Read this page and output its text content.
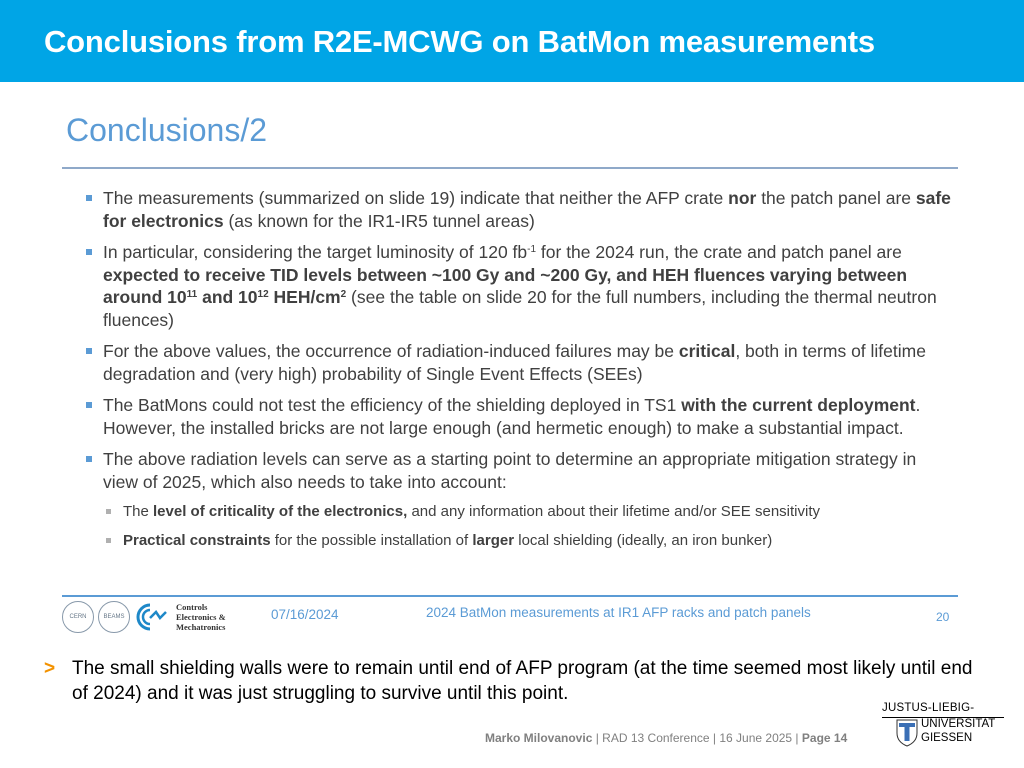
Conclusions from R2E-MCWG on BatMon measurements
Conclusions/2
The measurements (summarized on slide 19) indicate that neither the AFP crate nor the patch panel are safe for electronics (as known for the IR1-IR5 tunnel areas)
In particular, considering the target luminosity of 120 $fb^{-1}$ for the 2024 run, the crate and patch panel are expected to receive TID levels between ~100 Gy and ~200 Gy, and HEH fluences varying between around $10^{11}$ and $10^{12}$ HEH/$cm^2$ (see the table on slide 20 for the full numbers, including the thermal neutron fluences)
For the above values, the occurrence of radiation-induced failures may be critical, both in terms of lifetime degradation and (very high) probability of Single Event Effects (SEEs)
The BatMons could not test the efficiency of the shielding deployed in TS1 with the current deployment. However, the installed bricks are not large enough (and hermetic enough) to make a substantial impact.
The above radiation levels can serve as a starting point to determine an appropriate mitigation strategy in view of 2025, which also needs to take into account:
The level of criticality of the electronics, and any information about their lifetime and/or SEE sensitivity
Practical constraints for the possible installation of larger local shielding (ideally, an iron bunker)
CERN	BEAMS
Controls
Electronics &
Mechatronics
07/16/2024	2024 BatMon measurements at IR1 AFP racks and patch panels	20
> The small shielding walls were to remain until end of AFP program (at the time seemed most likely until end of 2024) and it was just struggling to survive until this point.
Marko Milovanovic | RAD 13 Conference | 16 June 2025 | Page 14
JUSTUS-LIEBIG-
UNIVERSITAT
GIESSEN
